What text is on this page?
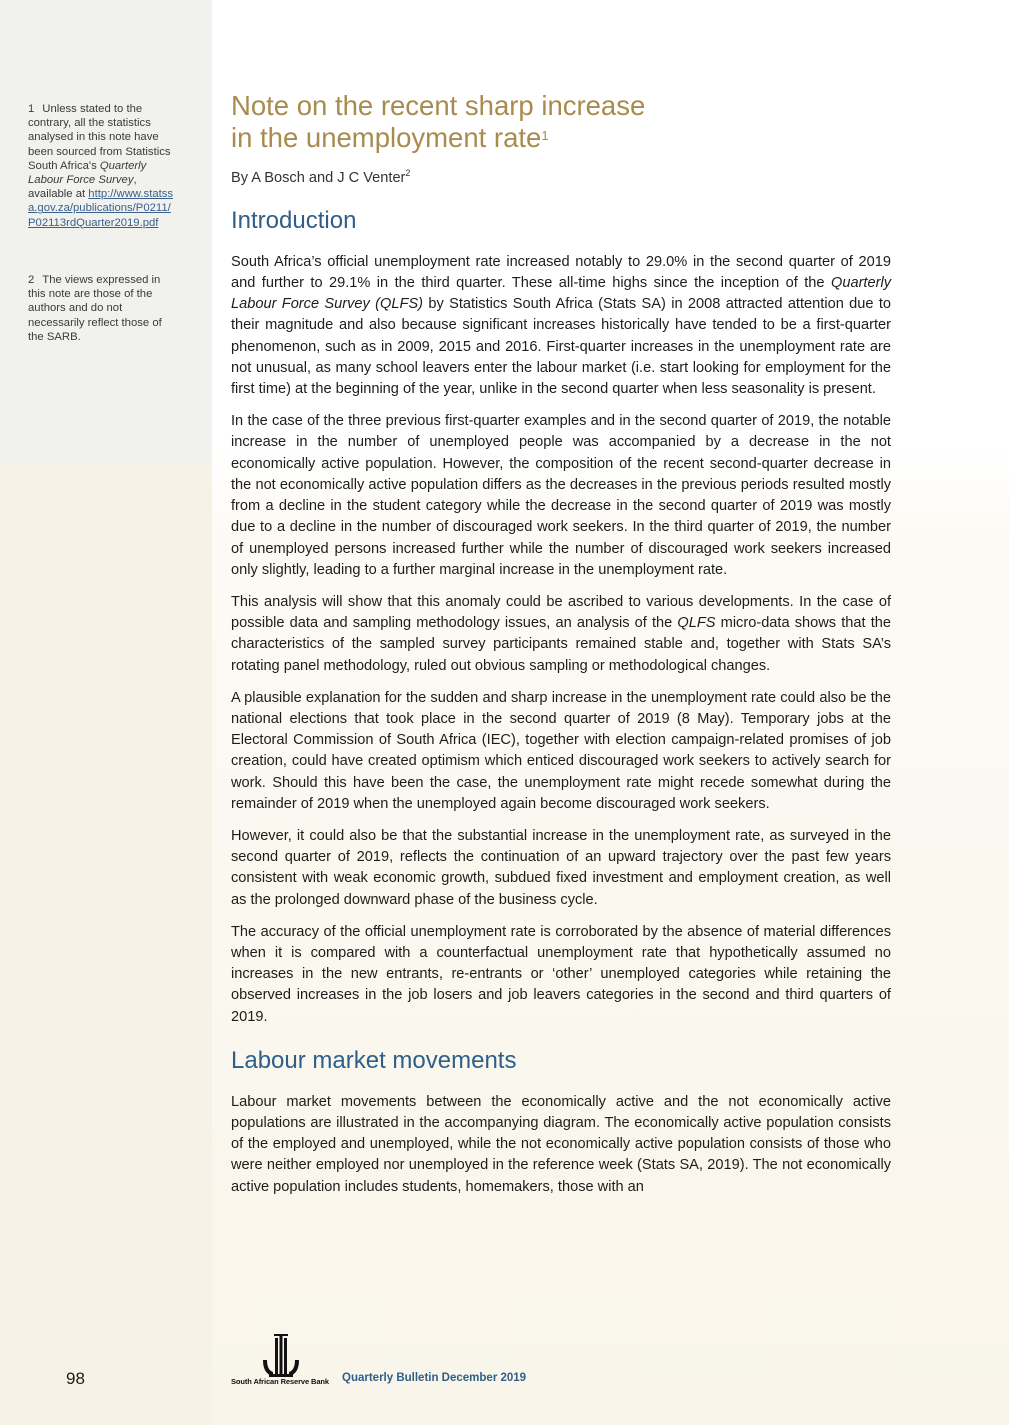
1 Unless stated to the contrary, all the statistics analysed in this note have been sourced from Statistics South Africa's Quarterly Labour Force Survey, available at http://www.statssa.gov.za/publications/P0211/P02113rdQuarter2019.pdf
2 The views expressed in this note are those of the authors and do not necessarily reflect those of the SARB.
Note on the recent sharp increase
in the unemployment rate$^1$

By A Bosch and J C Venter$^2$

Introduction

South Africa’s official unemployment rate increased notably to 29.0% in the second quarter of 2019 and further to 29.1% in the third quarter. These all-time highs since the inception of the Quarterly Labour Force Survey (QLFS) by Statistics South Africa (Stats SA) in 2008 attracted attention due to their magnitude and also because significant increases historically have tended to be a first-quarter phenomenon, such as in 2009, 2015 and 2016. First-quarter increases in the unemployment rate are not unusual, as many school leavers enter the labour market (i.e. start looking for employment for the first time) at the beginning of the year, unlike in the second quarter when less seasonality is present.

In the case of the three previous first-quarter examples and in the second quarter of 2019, the notable increase in the number of unemployed people was accompanied by a decrease in the not economically active population. However, the composition of the recent second-quarter decrease in the not economically active population differs as the decreases in the previous periods resulted mostly from a decline in the student category while the decrease in the second quarter of 2019 was mostly due to a decline in the number of discouraged work seekers. In the third quarter of 2019, the number of unemployed persons increased further while the number of discouraged work seekers increased only slightly, leading to a further marginal increase in the unemployment rate.

This analysis will show that this anomaly could be ascribed to various developments. In the case of possible data and sampling methodology issues, an analysis of the QLFS micro-data shows that the characteristics of the sampled survey participants remained stable and, together with Stats SA’s rotating panel methodology, ruled out obvious sampling or methodological changes.

A plausible explanation for the sudden and sharp increase in the unemployment rate could also be the national elections that took place in the second quarter of 2019 (8 May). Temporary jobs at the Electoral Commission of South Africa (IEC), together with election campaign-related promises of job creation, could have created optimism which enticed discouraged work seekers to actively search for work. Should this have been the case, the unemployment rate might recede somewhat during the remainder of 2019 when the unemployed again become discouraged work seekers.

However, it could also be that the substantial increase in the unemployment rate, as surveyed in the second quarter of 2019, reflects the continuation of an upward trajectory over the past few years consistent with weak economic growth, subdued fixed investment and employment creation, as well as the prolonged downward phase of the business cycle.

The accuracy of the official unemployment rate is corroborated by the absence of material differences when it is compared with a counterfactual unemployment rate that hypothetically assumed no increases in the new entrants, re-entrants or ‘other’ unemployed categories while retaining the observed increases in the job losers and job leavers categories in the second and third quarters of 2019.

Labour market movements

Labour market movements between the economically active and the not economically active populations are illustrated in the accompanying diagram. The economically active population consists of the employed and unemployed, while the not economically active population consists of those who were neither employed nor unemployed in the reference week (Stats SA, 2019). The not economically active population includes students, homemakers, those with an

98	South African Reserve Bank Quarterly Bulletin December 2019
